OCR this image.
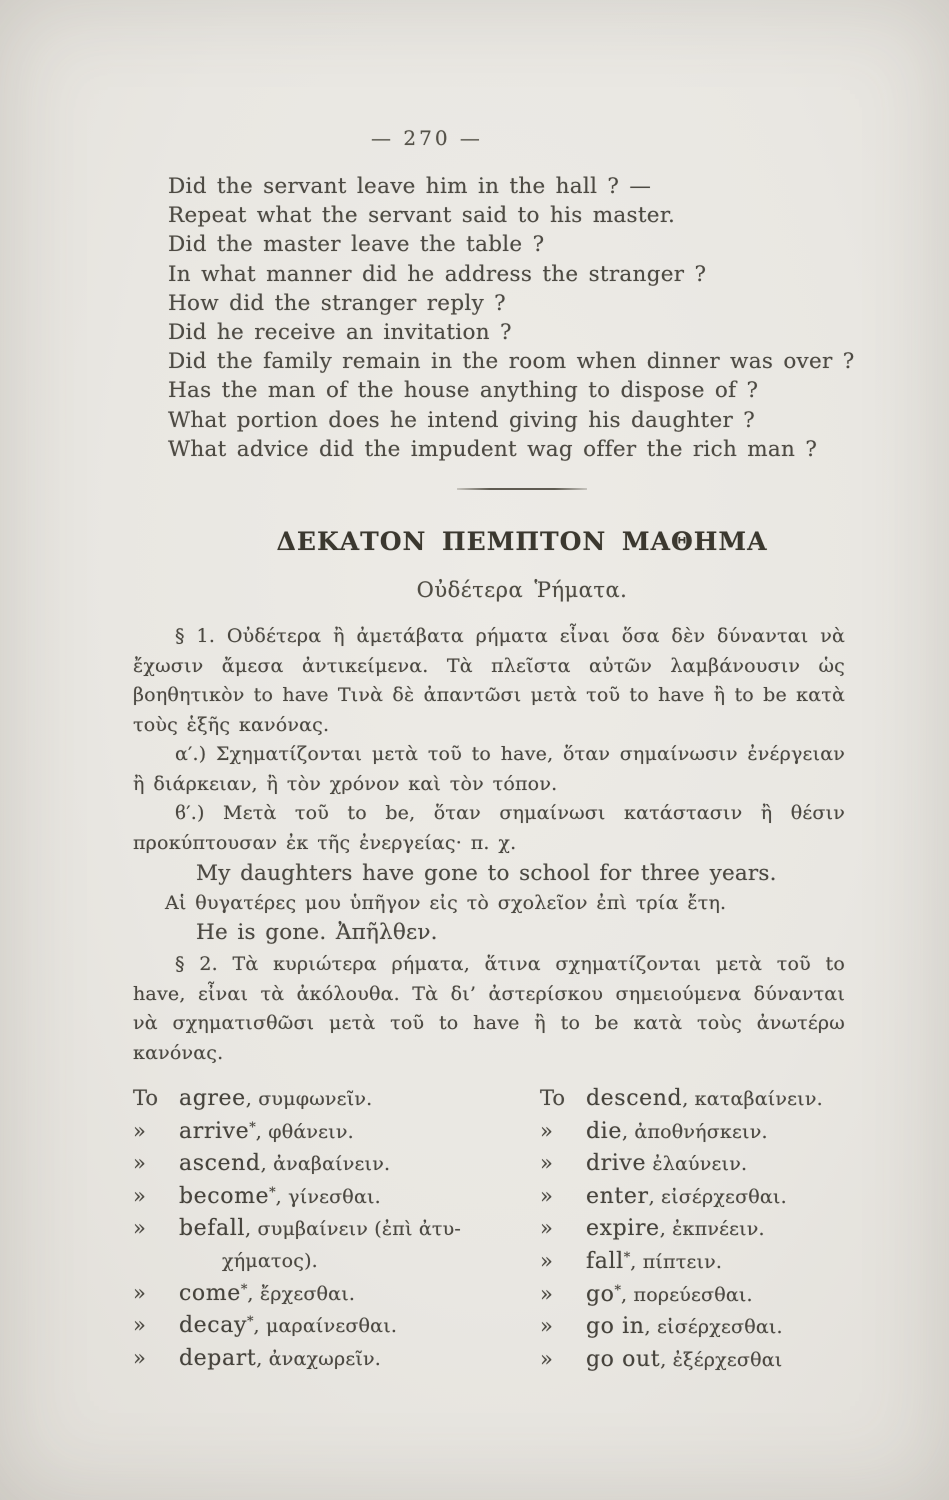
— 270 —
Did the servant leave him in the hall ? —
Repeat what the servant said to his master.
Did the master leave the table ?
In what manner did he address the stranger ?
How did the stranger reply ?
Did he receive an invitation ?
Did the family remain in the room when dinner was over ?
Has the man of the house anything to dispose of ?
What portion does he intend giving his daughter ?
What advice did the impudent wag offer the rich man ?
ΔΕΚΑΤΟΝ ΠΕΜΠΤΟΝ ΜΑΘΗΜΑ
Οὐδέτερα Ῥήματα.

§ 1. Οὐδέτερα ἢ ἀμετάβατα ρήματα εἶναι ὅσα δὲν δύνανται νὰ ἔχωσιν ἄμεσα ἀντικείμενα. Τὰ πλεῖστα αὐτῶν λαμβάνουσιν ὡς βοηθητικὸν to have Τινὰ δὲ ἀπαντῶσι μετὰ τοῦ to have ἢ to be κατὰ τοὺς ἑξῆς κανόνας.

α′.) Σχηματίζονται μετὰ τοῦ to have, ὅταν σημαίνωσιν ἐνέργειαν ἢ διάρκειαν, ἢ τὸν χρόνον καὶ τὸν τόπον.

ϐ′.) Μετὰ τοῦ to be, ὅταν σημαίνωσι κατάστασιν ἢ θέσιν προκύπτουσαν ἐκ τῆς ἐνεργείας· π. χ.

My daughters have gone to school for three years.
Αἱ θυγατέρες μου ὑπῆγον εἰς τὸ σχολεῖον ἐπὶ τρία ἔτη.
He is gone. Ἀπῆλθεν.

§ 2. Τὰ κυριώτερα ρήματα, ἅτινα σχηματίζονται μετὰ τοῦ to have, εἶναι τὰ ἀκόλουθα. Τὰ δι’ ἀστερίσκου σημειούμενα δύνανται νὰ σχηματισθῶσι μετὰ τοῦ to have ἢ to be κατὰ τοὺς ἀνωτέρω κανόνας.

To agree, συμφωνεῖν.
» arrive*, φθάνειν.
» ascend, ἀναβαίνειν.
» become*, γίνεσθαι.
» befall, συμβαίνειν (ἐπὶ ἀτυ-
χήματος).
» come*, ἔρχεσθαι.
» decay*, μαραίνεσθαι.
» depart, ἀναχωρεῖν.
To descend, καταβαίνειν.
» die, ἀποθνήσκειν.
» drive ἐλαύνειν.
» enter, εἰσέρχεσθαι.
» expire, ἐκπνέειν.
» fall*, πίπτειν.
» go*, πορεύεσθαι.
» go in, εἰσέρχεσθαι.
» go out, ἐξέρχεσθαι
